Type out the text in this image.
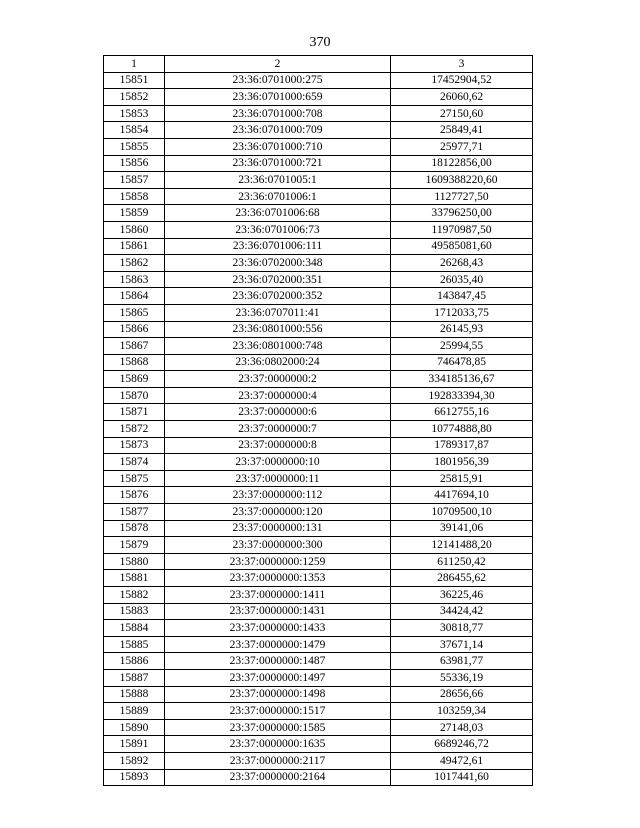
370
1	2	3
15851	23:36:0701000:275	17452904,52
15852	23:36:0701000:659	26060,62
15853	23:36:0701000:708	27150,60
15854	23:36:0701000:709	25849,41
15855	23:36:0701000:710	25977,71
15856	23:36:0701000:721	18122856,00
15857	23:36:0701005:1	1609388220,60
15858	23:36:0701006:1	1127727,50
15859	23:36:0701006:68	33796250,00
15860	23:36:0701006:73	11970987,50
15861	23:36:0701006:111	49585081,60
15862	23:36:0702000:348	26268,43
15863	23:36:0702000:351	26035,40
15864	23:36:0702000:352	143847,45
15865	23:36:0707011:41	1712033,75
15866	23:36:0801000:556	26145,93
15867	23:36:0801000:748	25994,55
15868	23:36:0802000:24	746478,85
15869	23:37:0000000:2	334185136,67
15870	23:37:0000000:4	192833394,30
15871	23:37:0000000:6	6612755,16
15872	23:37:0000000:7	10774888,80
15873	23:37:0000000:8	1789317,87
15874	23:37:0000000:10	1801956,39
15875	23:37:0000000:11	25815,91
15876	23:37:0000000:112	4417694,10
15877	23:37:0000000:120	10709500,10
15878	23:37:0000000:131	39141,06
15879	23:37:0000000:300	12141488,20
15880	23:37:0000000:1259	611250,42
15881	23:37:0000000:1353	286455,62
15882	23:37:0000000:1411	36225,46
15883	23:37:0000000:1431	34424,42
15884	23:37:0000000:1433	30818,77
15885	23:37:0000000:1479	37671,14
15886	23:37:0000000:1487	63981,77
15887	23:37:0000000:1497	55336,19
15888	23:37:0000000:1498	28656,66
15889	23:37:0000000:1517	103259,34
15890	23:37:0000000:1585	27148,03
15891	23:37:0000000:1635	6689246,72
15892	23:37:0000000:2117	49472,61
15893	23:37:0000000:2164	1017441,60
